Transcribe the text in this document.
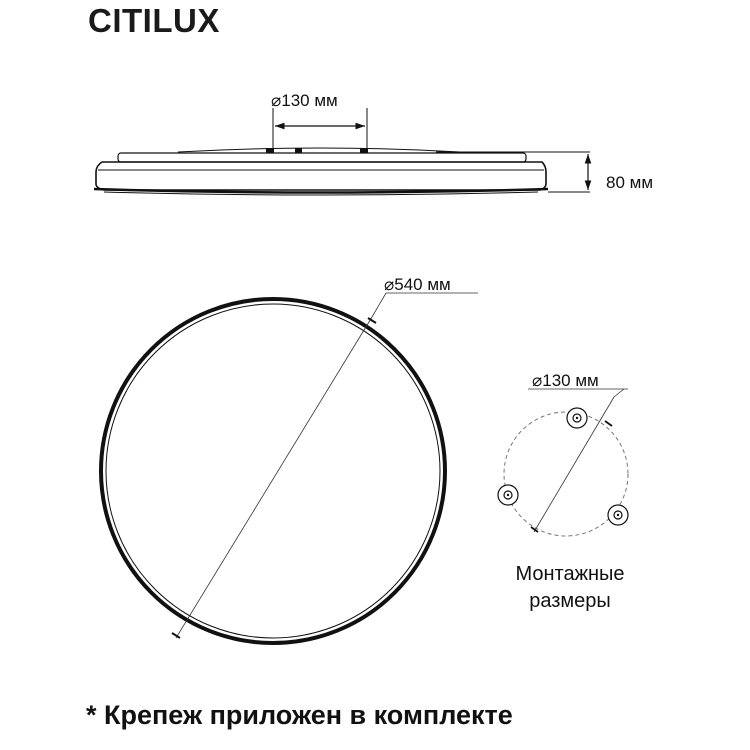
CITILUX
⌀130 мм
80 мм
⌀540 мм
⌀130 мм
Монтажные
размеры
* Крепеж приложен в комплекте
